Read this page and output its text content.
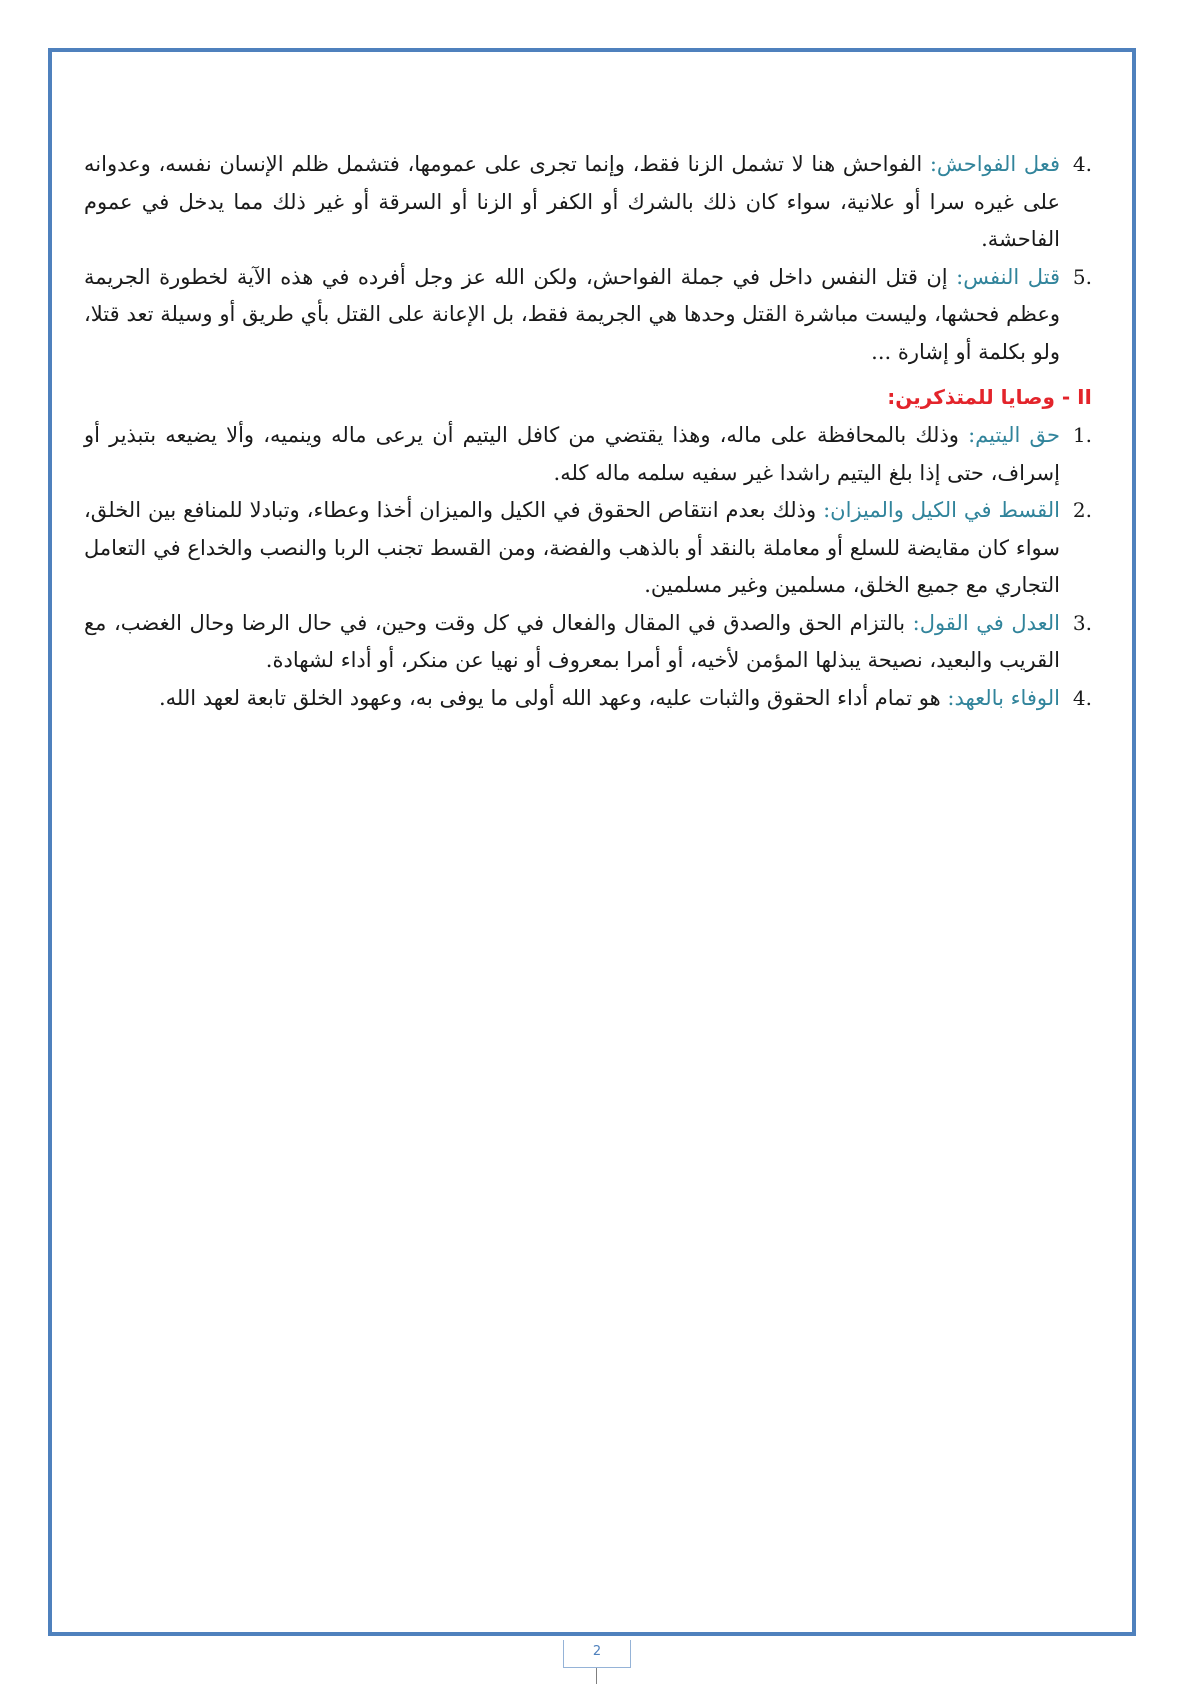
4.
فعل الفواحش: الفواحش هنا لا تشمل الزنا فقط، وإنما تجرى على عمومها، فتشمل ظلم الإنسان نفسه، وعدوانه على غيره سرا أو علانية، سواء كان ذلك بالشرك أو الكفر أو الزنا أو السرقة أو غير ذلك مما يدخل في عموم الفاحشة.
5.
قتل النفس: إن قتل النفس داخل في جملة الفواحش، ولكن الله عز وجل أفرده في هذه الآية لخطورة الجريمة وعظم فحشها، وليست مباشرة القتل وحدها هي الجريمة فقط، بل الإعانة على القتل بأي طريق أو وسيلة تعد قتلا، ولو بكلمة أو إشارة ...
II - وصايا للمتذكرين:
1.
حق اليتيم: وذلك بالمحافظة على ماله، وهذا يقتضي من كافل اليتيم أن يرعى ماله وينميه، وألا يضيعه بتبذير أو إسراف، حتى إذا بلغ اليتيم راشدا غير سفيه سلمه ماله كله.
2.
القسط في الكيل والميزان: وذلك بعدم انتقاص الحقوق في الكيل والميزان أخذا وعطاء، وتبادلا للمنافع بين الخلق، سواء كان مقايضة للسلع أو معاملة بالنقد أو بالذهب والفضة، ومن القسط تجنب الربا والنصب والخداع في التعامل التجاري مع جميع الخلق، مسلمين وغير مسلمين.
3.
العدل في القول: بالتزام الحق والصدق في المقال والفعال في كل وقت وحين، في حال الرضا وحال الغضب، مع القريب والبعيد، نصيحة يبذلها المؤمن لأخيه، أو أمرا بمعروف أو نهيا عن منكر، أو أداء لشهادة.
4.
الوفاء بالعهد: هو تمام أداء الحقوق والثبات عليه، وعهد الله أولى ما يوفى به، وعهود الخلق تابعة لعهد الله.
2
